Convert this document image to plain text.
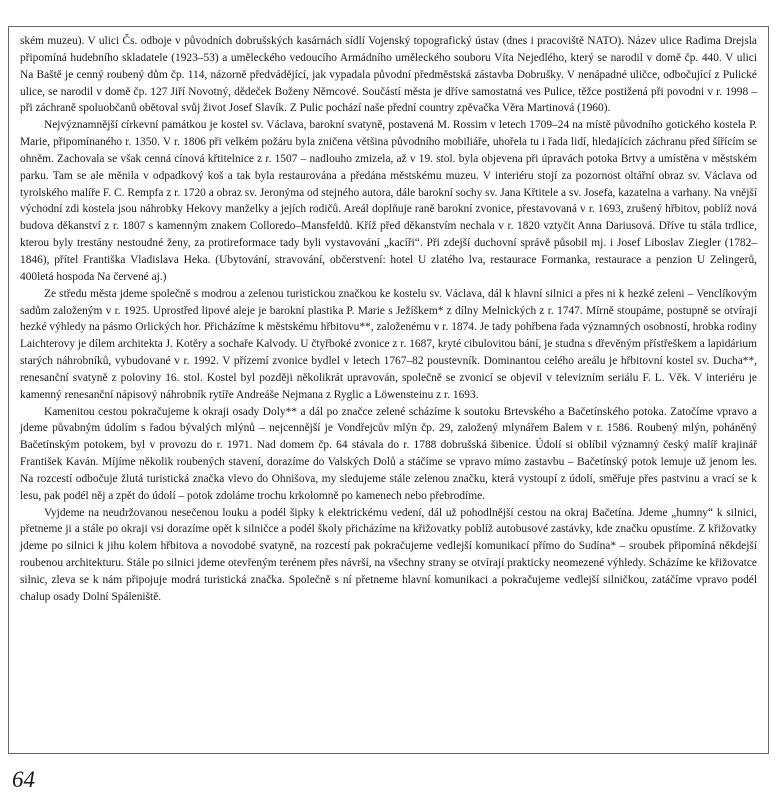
ském muzeu). V ulici Čs. odboje v původních dobrušských kasárnách sídlí Vojenský topografický ústav (dnes i pracoviště NATO). Název ulice Radima Drejsla připomíná hudebního skladatele (1923–53) a uměleckého vedoucího Armádního uměleckého souboru Víta Nejedlého, který se narodil v domě čp. 440. V ulici Na Baště je cenný roubený dům čp. 114, názorně předvádějící, jak vypadala původní předměstská zástavba Dobrušky. V nenápadné uličce, odbočující z Pulické ulice, se narodil v domě čp. 127 Jiří Novotný, dědeček Boženy Němcové. Součástí města je dříve samostatná ves Pulice, těžce postižená při povodni v r. 1998 – při záchraně spoluobčanů obětoval svůj život Josef Slavík. Z Pulic pochází naše přední country zpěvačka Věra Martinová (1960).

Nejvýznamnější církevní památkou je kostel sv. Václava, barokní svatyně, postavená M. Rossim v letech 1709–24 na místě původního gotického kostela P. Marie, připomínaného r. 1350. V r. 1806 při velkém požáru byla zničena většina původního mobiliáře, uhořela tu i řada lidí, hledajících záchranu před šířícím se ohněm. Zachovala se však cenná cínová křtitelnice z r. 1507 – nadlouho zmizela, až v 19. stol. byla objevena při úpravách potoka Brtvy a umístěna v městském parku. Tam se ale měnila v odpadkový koš a tak byla restaurována a předána městskému muzeu. V interiéru stojí za pozornost oltářní obraz sv. Václava od tyrolského malíře F. C. Rempfa z r. 1720 a obraz sv. Jeronýma od stejného autora, dále barokní sochy sv. Jana Křtitele a sv. Josefa, kazatelna a varhany. Na vnější východní zdi kostela jsou náhrobky Hekovy manželky a jejích rodičů. Areál doplňuje raně barokní zvonice, přestavovaná v r. 1693, zrušený hřbitov, poblíž nová budova děkanství z r. 1807 s kamenným znakem Colloredo–Mansfeldů. Kříž před děkanstvím nechala v r. 1820 vztyčit Anna Dariusová. Dříve tu stála trdlice, kterou byly trestány nestoudné ženy, za protireformace tady byli vystavování „kacíři“. Při zdejší duchovní správě působil mj. i Josef Liboslav Ziegler (1782–1846), přítel Františka Vladislava Heka. (Ubytování, stravování, občerstvení: hotel U zlatého lva, restaurace Formanka, restaurace a penzion U Zelingerů, 400letá hospoda Na červené aj.)

Ze středu města jdeme společně s modrou a zelenou turistickou značkou ke kostelu sv. Václava, dál k hlavní silnici a přes ni k hezké zeleni – Venclíkovým sadům založeným v r. 1925. Uprostřed lipové aleje je barokní plastika P. Marie s Ježíškem* z dílny Melnických z r. 1747. Mírně stoupáme, postupně se otvírají hezké výhledy na pásmo Orlických hor. Přicházíme k městskému hřbitovu**, založenému v r. 1874. Je tady pohřbena řada významných osobností, hrobka rodiny Laichterovy je dílem architekta J. Kotěry a sochaře Kalvody. U čtyřboké zvonice z r. 1687, kryté cibulovitou bání, je studna s dřevěným přístřeškem a lapidárium starých náhrobníků, vybudované v r. 1992. V přízemí zvonice bydlel v letech 1767–82 poustevník. Dominantou celého areálu je hřbitovní kostel sv. Ducha**, renesanční svatyně z poloviny 16. stol. Kostel byl později několikrát upravován, společně se zvonicí se objevil v televizním seriálu F. L. Věk. V interiéru je kamenný renesanční nápisový náhrobník rytíře Andreáše Nejmana z Ryglic a Löwensteinu z r. 1693.

Kamenitou cestou pokračujeme k okraji osady Doly** a dál po značce zelené scházíme k soutoku Brtevského a Bačetínského potoka. Zatočíme vpravo a jdeme půvabným údolím s řadou bývalých mlýnů – nejcennější je Vondřejcův mlýn čp. 29, založený mlynářem Balem v r. 1586. Roubený mlýn, poháněný Bačetínským potokem, byl v provozu do r. 1971. Nad domem čp. 64 stávala do r. 1788 dobrušská šibenice. Údolí si oblíbil významný český malíř krajinář František Kaván. Míjíme několik roubených stavení, dorazíme do Valských Dolů a stáčíme se vpravo mímo zastavbu – Bačetínský potok lemuje už jenom les. Na rozcestí odbočuje žlutá turistická značka vlevo do Ohnišova, my sledujeme stále zelenou značku, která vystoupí z údolí, směřuje přes pastvinu a vrací se k lesu, pak podél něj a zpět do údolí – potok zdoláme trochu krkolomně po kamenech nebo přebrodíme.

Vyjdeme na neudržovanou nesečenou louku a podél šipky k elektrickému vedení, dál už pohodlnější cestou na okraj Bačetína. Jdeme „humny“ k silnici, přetneme ji a stále po okraji vsi dorazíme opět k silničce a podél školy přicházíme na křižovatky poblíž autobusové zastávky, kde značku opustíme. Z křižovatky jdeme po silnici k jihu kolem hřbitova a novodobé svatyně, na rozcestí pak pokračujeme vedlejší komunikací přímo do Sudína* – sroubek připomíná někdejší roubenou architekturu. Stále po silnici jdeme otevřeným terénem přes návrší, na všechny strany se otvírají prakticky neomezené výhledy. Scházíme ke křižovatce silnic, zleva se k nám připojuje modrá turistická značka. Společně s ní přetneme hlavní komunikaci a pokračujeme vedlejší silničkou, zatáčíme vpravo podél chalup osady Dolní Spáleniště.

64
